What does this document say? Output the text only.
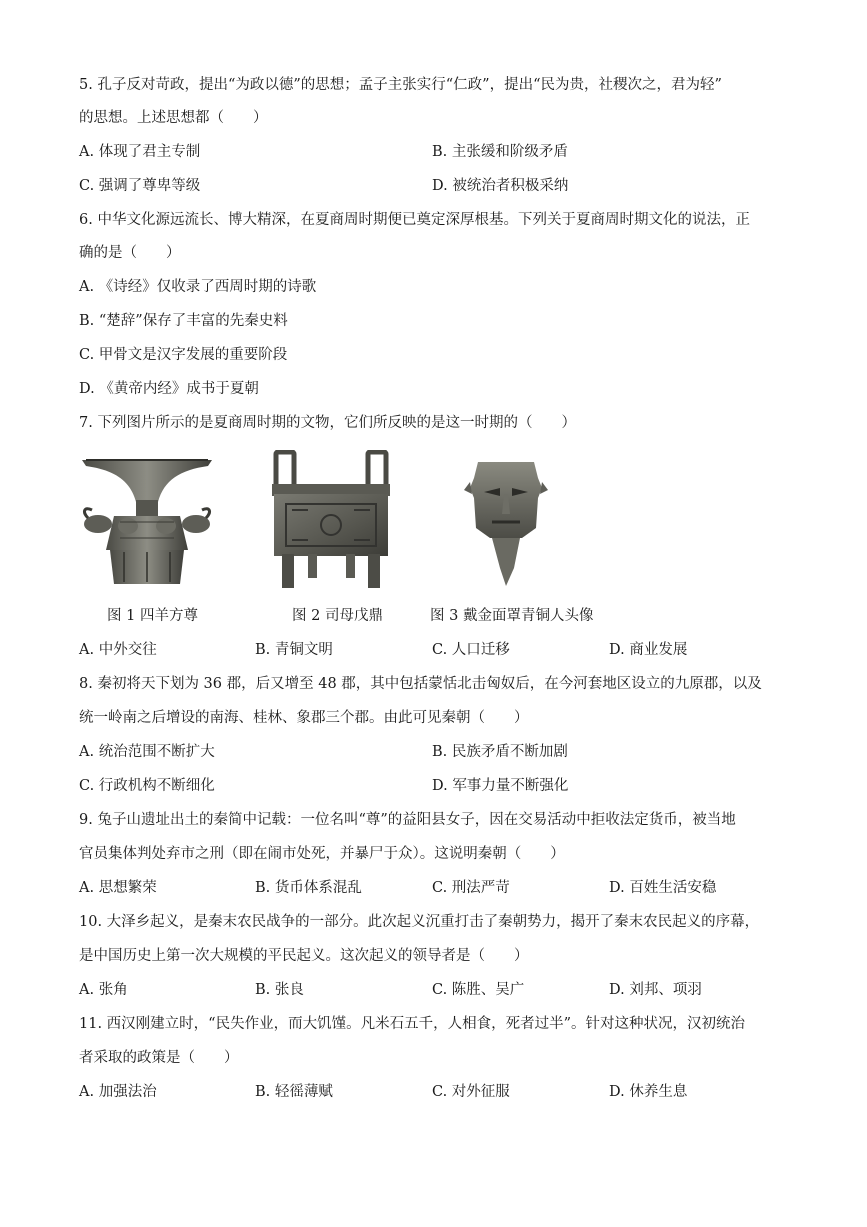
5. 孔子反对苛政，提出“为政以德”的思想；孟子主张实行“仁政”，提出“民为贵，社稷次之，君为轻”
的思想。上述思想都（　　）
A. 体现了君主专制	B. 主张缓和阶级矛盾
C. 强调了尊卑等级	D. 被统治者积极采纳
6. 中华文化源远流长、博大精深，在夏商周时期便已奠定深厚根基。下列关于夏商周时期文化的说法，正
确的是（　　）
A. 《诗经》仅收录了西周时期的诗歌
B. “楚辞”保存了丰富的先秦史料
C. 甲骨文是汉字发展的重要阶段
D. 《黄帝内经》成书于夏朝
7. 下列图片所示的是夏商周时期的文物，它们所反映的是这一时期的（　　）
图 1 四羊方尊	图 2 司母戊鼎	图 3 戴金面罩青铜人头像
A. 中外交往	B. 青铜文明	C. 人口迁移	D. 商业发展
8. 秦初将天下划为 36 郡，后又增至 48 郡，其中包括蒙恬北击匈奴后，在今河套地区设立的九原郡，以及
统一岭南之后增设的南海、桂林、象郡三个郡。由此可见秦朝（　　）
A. 统治范围不断扩大	B. 民族矛盾不断加剧
C. 行政机构不断细化	D. 军事力量不断强化
9. 兔子山遗址出土的秦简中记载：一位名叫“尊”的益阳县女子，因在交易活动中拒收法定货币，被当地
官员集体判处弃市之刑（即在闹市处死，并暴尸于众）。这说明秦朝（　　）
A. 思想繁荣	B. 货币体系混乱	C. 刑法严苛	D. 百姓生活安稳
10. 大泽乡起义，是秦末农民战争的一部分。此次起义沉重打击了秦朝势力，揭开了秦末农民起义的序幕，
是中国历史上第一次大规模的平民起义。这次起义的领导者是（　　）
A. 张角	B. 张良	C. 陈胜、吴广	D. 刘邦、项羽
11. 西汉刚建立时，“民失作业，而大饥馑。凡米石五千，人相食，死者过半”。针对这种状况，汉初统治
者采取的政策是（　　）
A. 加强法治	B. 轻徭薄赋	C. 对外征服	D. 休养生息
